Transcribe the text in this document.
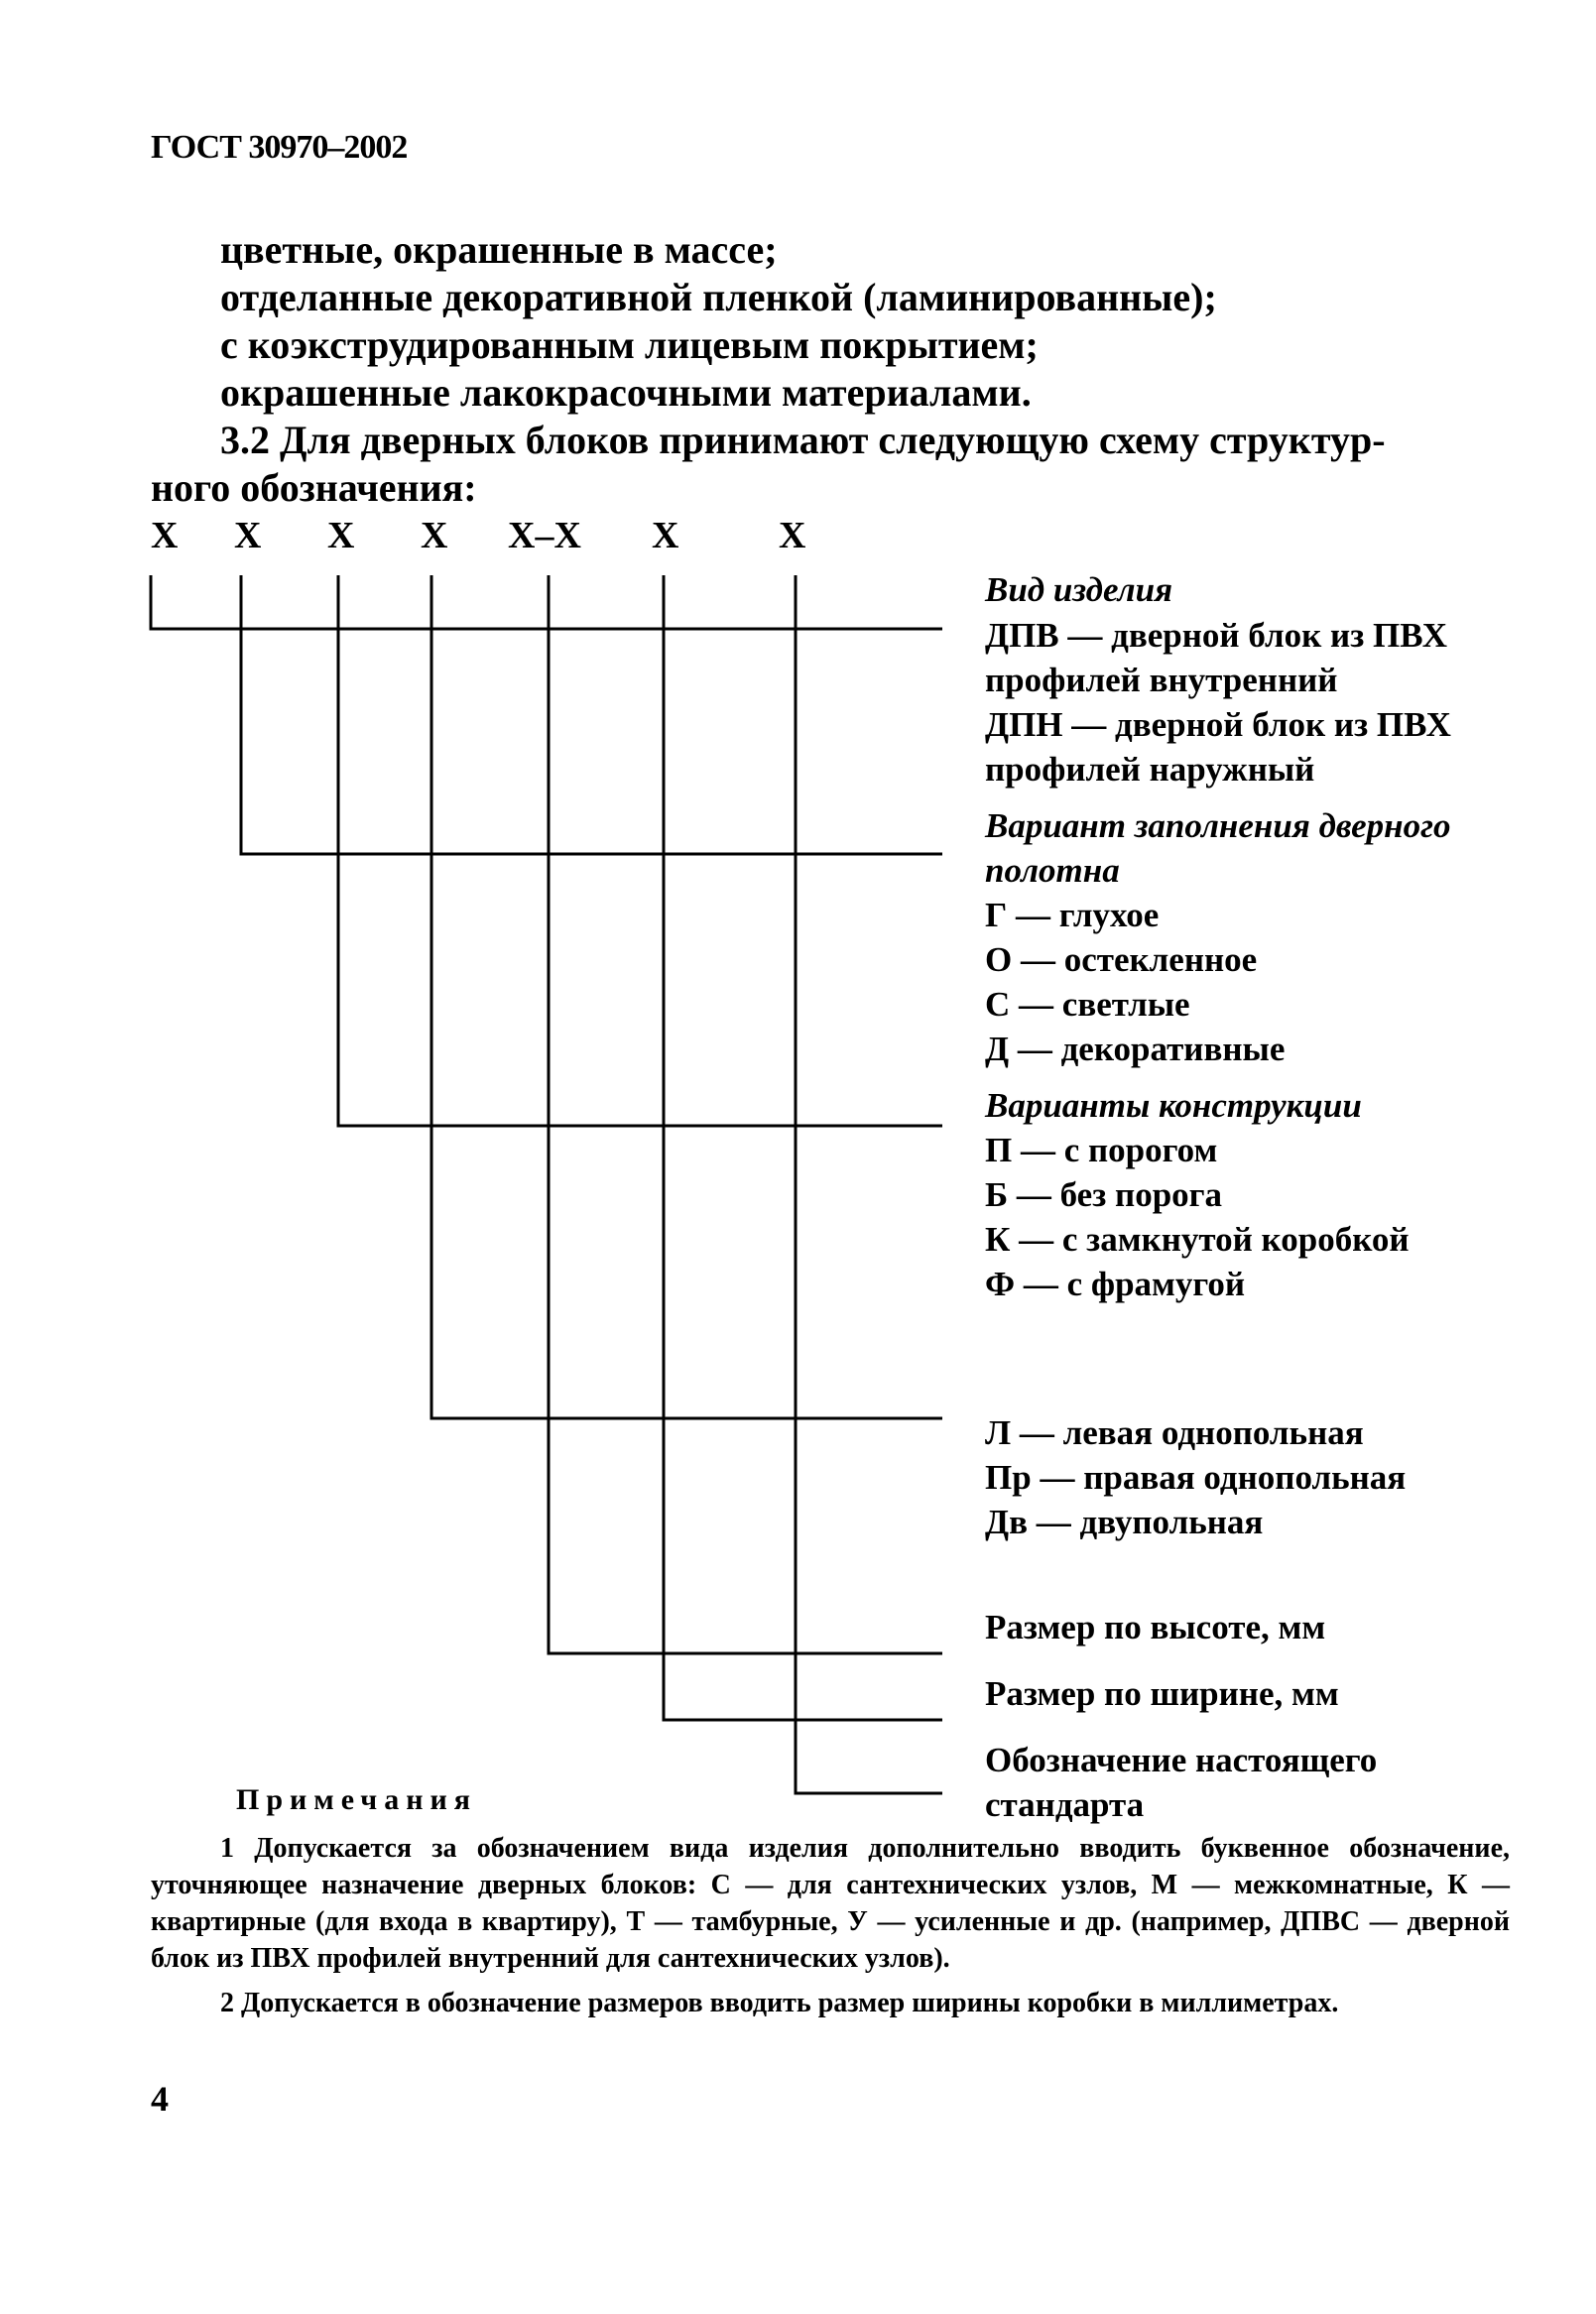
ГОСТ 30970–2002
цветные, окрашенные в массе;
отделанные декоративной пленкой (ламинированные);
с коэкструдированным лицевым покрытием;
окрашенные лакокрасочными материалами.
3.2 Для дверных блоков принимают следующую схему структур-
ного обозначения:
X X X X X–X X	X
Вид изделия
ДПВ — дверной блок из ПВХ
профилей внутренний
ДПН — дверной блок из ПВХ
профилей наружный
Вариант заполнения дверного
полотна
Г — глухое
О — остекленное
С — светлые
Д — декоративные
Варианты конструкции
П — с порогом
Б — без порога
К — с замкнутой коробкой
Ф — с фрамугой
Л — левая однопольная
Пр — правая однопольная
Дв — двупольная
Размер по высоте, мм
Размер по ширине, мм
Обозначение настоящего
стандарта
Примечания
1 Допускается за обозначением вида изделия дополнительно вводить буквенное обозначение, уточняющее назначение дверных блоков: С — для сантехнических узлов, М — межкомнатные, К — квартирные (для входа в квартиру), Т — тамбурные, У — усиленные и др. (например, ДПВС — дверной блок из ПВХ профилей внутренний для сантехнических узлов).
2 Допускается в обозначение размеров вводить размер ширины коробки в миллиметрах.
4
